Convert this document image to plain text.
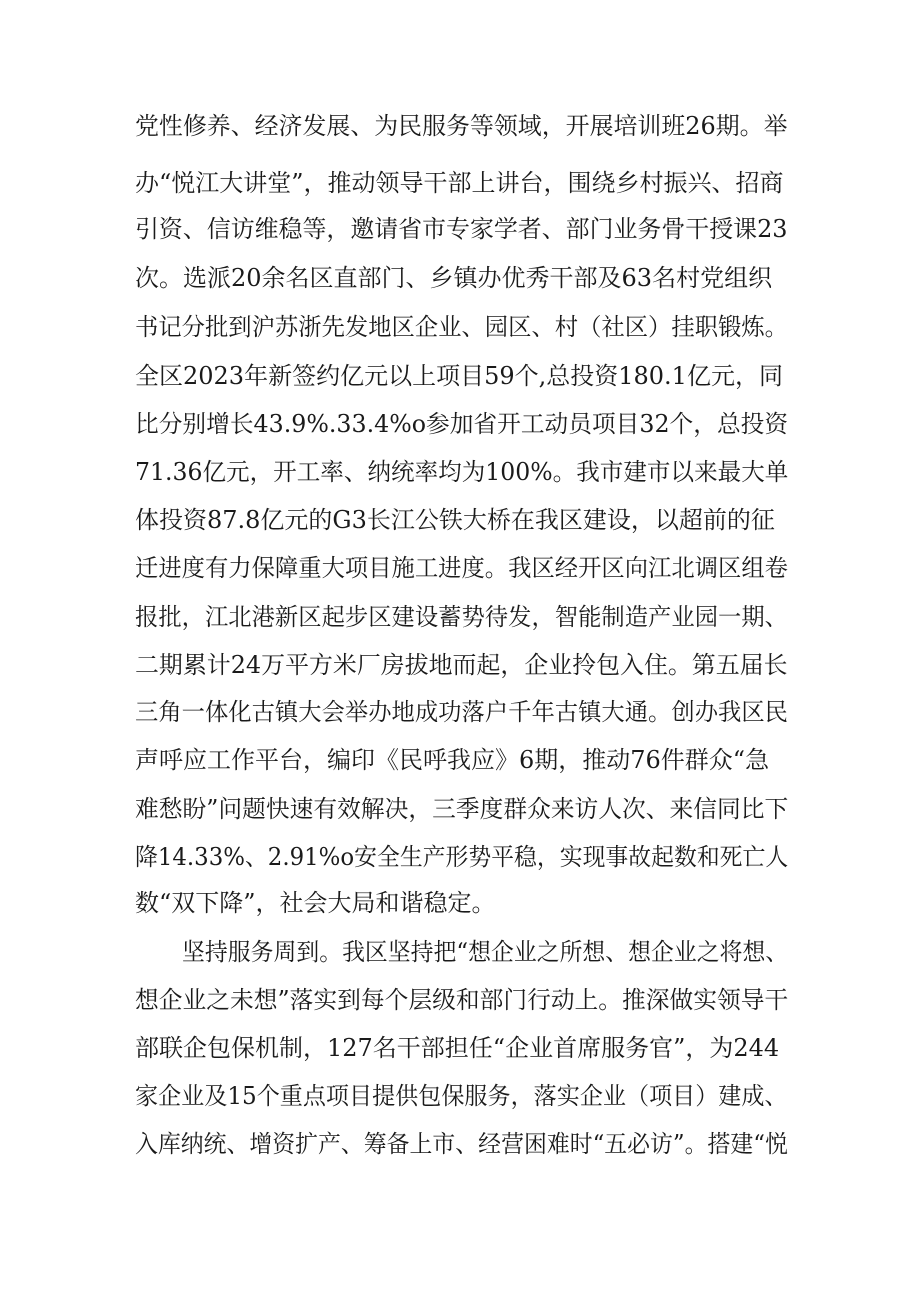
党性修养、经济发展、为民服务等领域，开展培训班26期。举
办“悦江大讲堂”，推动领导干部上讲台，围绕乡村振兴、招商
引资、信访维稳等，邀请省市专家学者、部门业务骨干授课23
次。选派20余名区直部门、乡镇办优秀干部及63名村党组织
书记分批到沪苏浙先发地区企业、园区、村（社区）挂职锻炼。
全区2023年新签约亿元以上项目59个,总投资180.1亿元，同
比分别增长43.9%.33.4%o参加省开工动员项目32个，总投资
71.36亿元，开工率、纳统率均为100%。我市建市以来最大单
体投资87.8亿元的G3长江公铁大桥在我区建设，以超前的征
迁进度有力保障重大项目施工进度。我区经开区向江北调区组卷
报批，江北港新区起步区建设蓄势待发，智能制造产业园一期、
二期累计24万平方米厂房拔地而起，企业拎包入住。第五届长
三角一体化古镇大会举办地成功落户千年古镇大通。创办我区民
声呼应工作平台，编印《民呼我应》6期，推动76件群众“急
难愁盼”问题快速有效解决，三季度群众来访人次、来信同比下
降14.33%、2.91%o安全生产形势平稳，实现事故起数和死亡人
数“双下降”，社会大局和谐稳定。
坚持服务周到。我区坚持把“想企业之所想、想企业之将想、
想企业之未想”落实到每个层级和部门行动上。推深做实领导干
部联企包保机制，127名干部担任“企业首席服务官”，为244
家企业及15个重点项目提供包保服务，落实企业（项目）建成、
入库纳统、增资扩产、筹备上市、经营困难时“五必访”。搭建“悦
